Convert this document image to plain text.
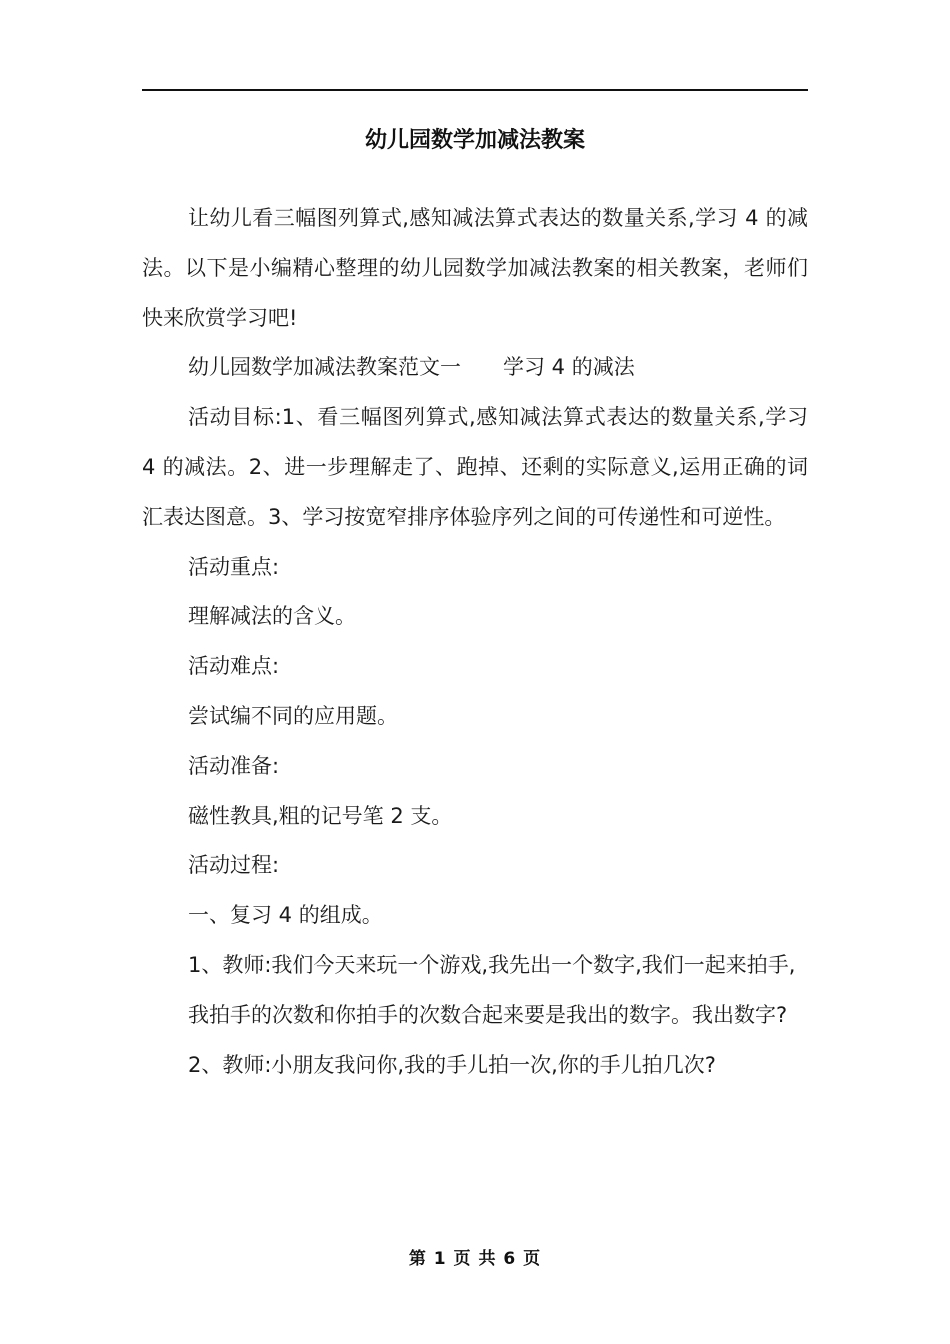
幼儿园数学加减法教案

让幼儿看三幅图列算式,感知减法算式表达的数量关系,学习 4 的减法。以下是小编精心整理的幼儿园数学加减法教案的相关教案，老师们快来欣赏学习吧!

幼儿园数学加减法教案范文一 学习 4 的减法

活动目标:1、看三幅图列算式,感知减法算式表达的数量关系,学习 4 的减法。2、进一步理解走了、跑掉、还剩的实际意义,运用正确的词汇表达图意。3、学习按宽窄排序体验序列之间的可传递性和可逆性。

活动重点:

理解减法的含义。

活动难点:

尝试编不同的应用题。

活动准备:

磁性教具,粗的记号笔 2 支。

活动过程:

一、复习 4 的组成。

1、教师:我们今天来玩一个游戏,我先出一个数字,我们一起来拍手,

我拍手的次数和你拍手的次数合起来要是我出的数字。我出数字?

2、教师:小朋友我问你,我的手儿拍一次,你的手儿拍几次?

第 1 页 共 6 页
